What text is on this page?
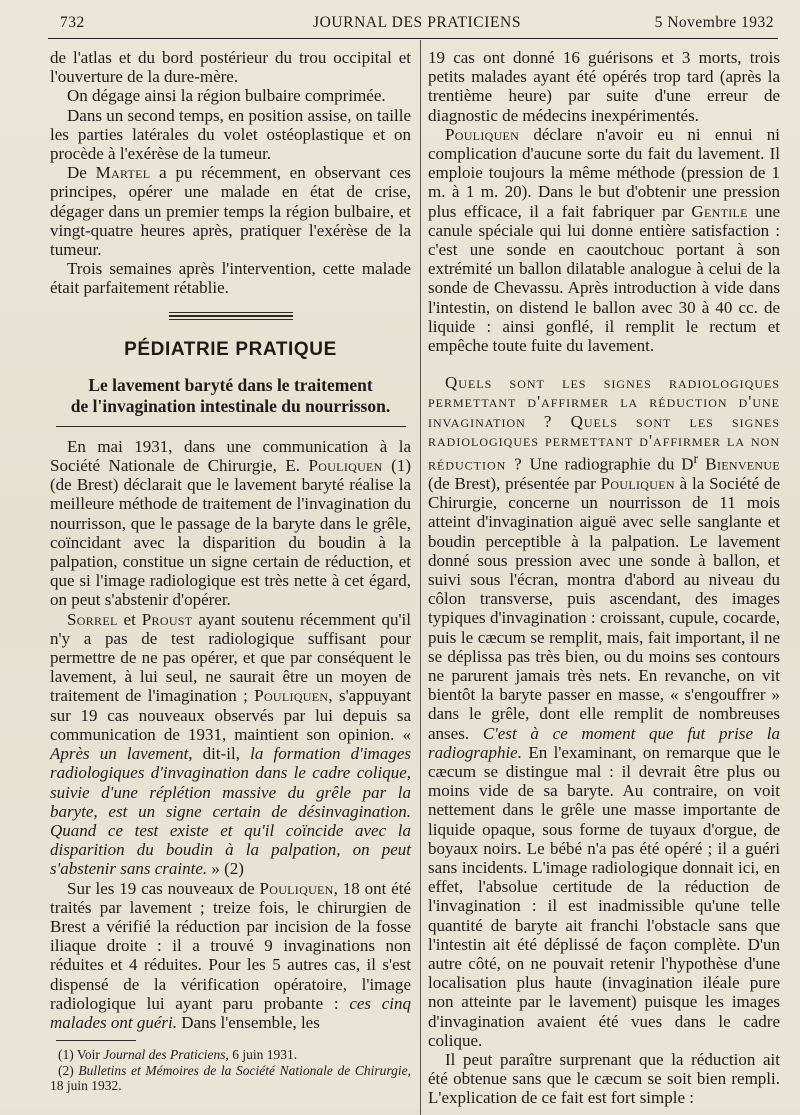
732	JOURNAL DES PRATICIENS	5 Novembre 1932

de l'atlas et du bord postérieur du trou occipital et l'ouverture de la dure-mère.

On dégage ainsi la région bulbaire comprimée.

Dans un second temps, en position assise, on taille les parties latérales du volet ostéoplastique et on procède à l'exérèse de la tumeur.

De Martel a pu récemment, en observant ces principes, opérer une malade en état de crise, dégager dans un premier temps la région bulbaire, et vingt-quatre heures après, pratiquer l'exérèse de la tumeur.

Trois semaines après l'intervention, cette malade était parfaitement rétablie.

PÉDIATRIE PRATIQUE
Le lavement baryté dans le traitement
de l'invagination intestinale du nourrisson.

En mai 1931, dans une communication à la Société Nationale de Chirurgie, E. Pouliquen (1) (de Brest) déclarait que le lavement baryté réalise la meilleure méthode de traitement de l'invagination du nourrisson, que le passage de la baryte dans le grêle, coïncidant avec la disparition du boudin à la palpation, constitue un signe certain de réduction, et que si l'image radiologique est très nette à cet égard, on peut s'abstenir d'opérer.

Sorrel et Proust ayant soutenu récemment qu'il n'y a pas de test radiologique suffisant pour permettre de ne pas opérer, et que par conséquent le lavement, à lui seul, ne saurait être un moyen de traitement de l'imagination ; Pouliquen, s'appuyant sur 19 cas nouveaux observés par lui depuis sa communication de 1931, maintient son opinion. « Après un lavement, dit-il, la formation d'images radiologiques d'invagination dans le cadre colique, suivie d'une réplétion massive du grêle par la baryte, est un signe certain de désinvagination. Quand ce test existe et qu'il coïncide avec la disparition du boudin à la palpation, on peut s'abstenir sans crainte. » (2)

Sur les 19 cas nouveaux de Pouliquen, 18 ont été traités par lavement ; treize fois, le chirurgien de Brest a vérifié la réduction par incision de la fosse iliaque droite : il a trouvé 9 invaginations non réduites et 4 réduites. Pour les 5 autres cas, il s'est dispensé de la vérification opératoire, l'image radiologique lui ayant paru probante : ces cinq malades ont guéri. Dans l'ensemble, les

(1) Voir Journal des Praticiens, 6 juin 1931.

(2) Bulletins et Mémoires de la Société Nationale de Chirurgie, 18 juin 1932.

19 cas ont donné 16 guérisons et 3 morts, trois petits malades ayant été opérés trop tard (après la trentième heure) par suite d'une erreur de diagnostic de médecins inexpérimentés.

Pouliquen déclare n'avoir eu ni ennui ni complication d'aucune sorte du fait du lavement. Il emploie toujours la même méthode (pression de 1 m. à 1 m. 20). Dans le but d'obtenir une pression plus efficace, il a fait fabriquer par Gentile une canule spéciale qui lui donne entière satisfaction : c'est une sonde en caoutchouc portant à son extrémité un ballon dilatable analogue à celui de la sonde de Chevassu. Après introduction à vide dans l'intestin, on distend le ballon avec 30 à 40 cc. de liquide : ainsi gonflé, il remplit le rectum et empêche toute fuite du lavement.

Quels sont les signes radiologiques permettant d'affirmer la réduction d'une invagination ? Quels sont les signes radiologiques permettant d'affirmer la non réduction ? Une radiographie du $D^r$ Bienvenue (de Brest), présentée par Pouliquen à la Société de Chirurgie, concerne un nourrisson de 11 mois atteint d'invagination aiguë avec selle sanglante et boudin perceptible à la palpation. Le lavement donné sous pression avec une sonde à ballon, et suivi sous l'écran, montra d'abord au niveau du côlon transverse, puis ascendant, des images typiques d'invagination : croissant, cupule, cocarde, puis le cæcum se remplit, mais, fait important, il ne se déplissa pas très bien, ou du moins ses contours ne parurent jamais très nets. En revanche, on vit bientôt la baryte passer en masse, « s'engouffrer » dans le grêle, dont elle remplit de nombreuses anses. C'est à ce moment que fut prise la radiographie. En l'examinant, on remarque que le cæcum se distingue mal : il devrait être plus ou moins vide de sa baryte. Au contraire, on voit nettement dans le grêle une masse importante de liquide opaque, sous forme de tuyaux d'orgue, de boyaux noirs. Le bébé n'a pas été opéré ; il a guéri sans incidents. L'image radiologique donnait ici, en effet, l'absolue certitude de la réduction de l'invagination : il est inadmissible qu'une telle quantité de baryte ait franchi l'obstacle sans que l'intestin ait été déplissé de façon complète. D'un autre côté, on ne pouvait retenir l'hypothèse d'une localisation plus haute (invagination iléale pure non atteinte par le lavement) puisque les images d'invagination avaient été vues dans le cadre colique.

Il peut paraître surprenant que la réduction ait été obtenue sans que le cæcum se soit bien rempli. L'explication de ce fait est fort simple :
